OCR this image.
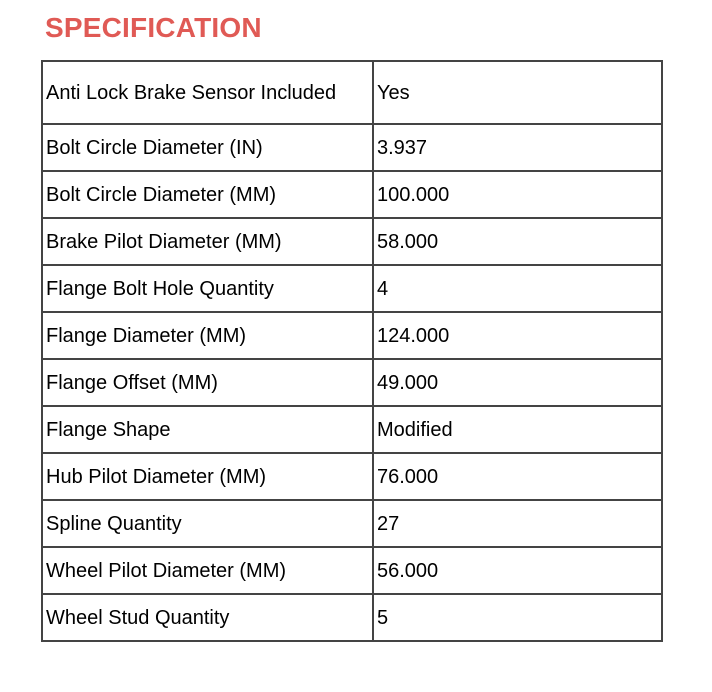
SPECIFICATION
Anti Lock Brake Sensor Included	Yes
Bolt Circle Diameter (IN)	3.937
Bolt Circle Diameter (MM)	100.000
Brake Pilot Diameter (MM)	58.000
Flange Bolt Hole Quantity	4
Flange Diameter (MM)	124.000
Flange Offset (MM)	49.000
Flange Shape	Modified
Hub Pilot Diameter (MM)	76.000
Spline Quantity	27
Wheel Pilot Diameter (MM)	56.000
Wheel Stud Quantity	5
